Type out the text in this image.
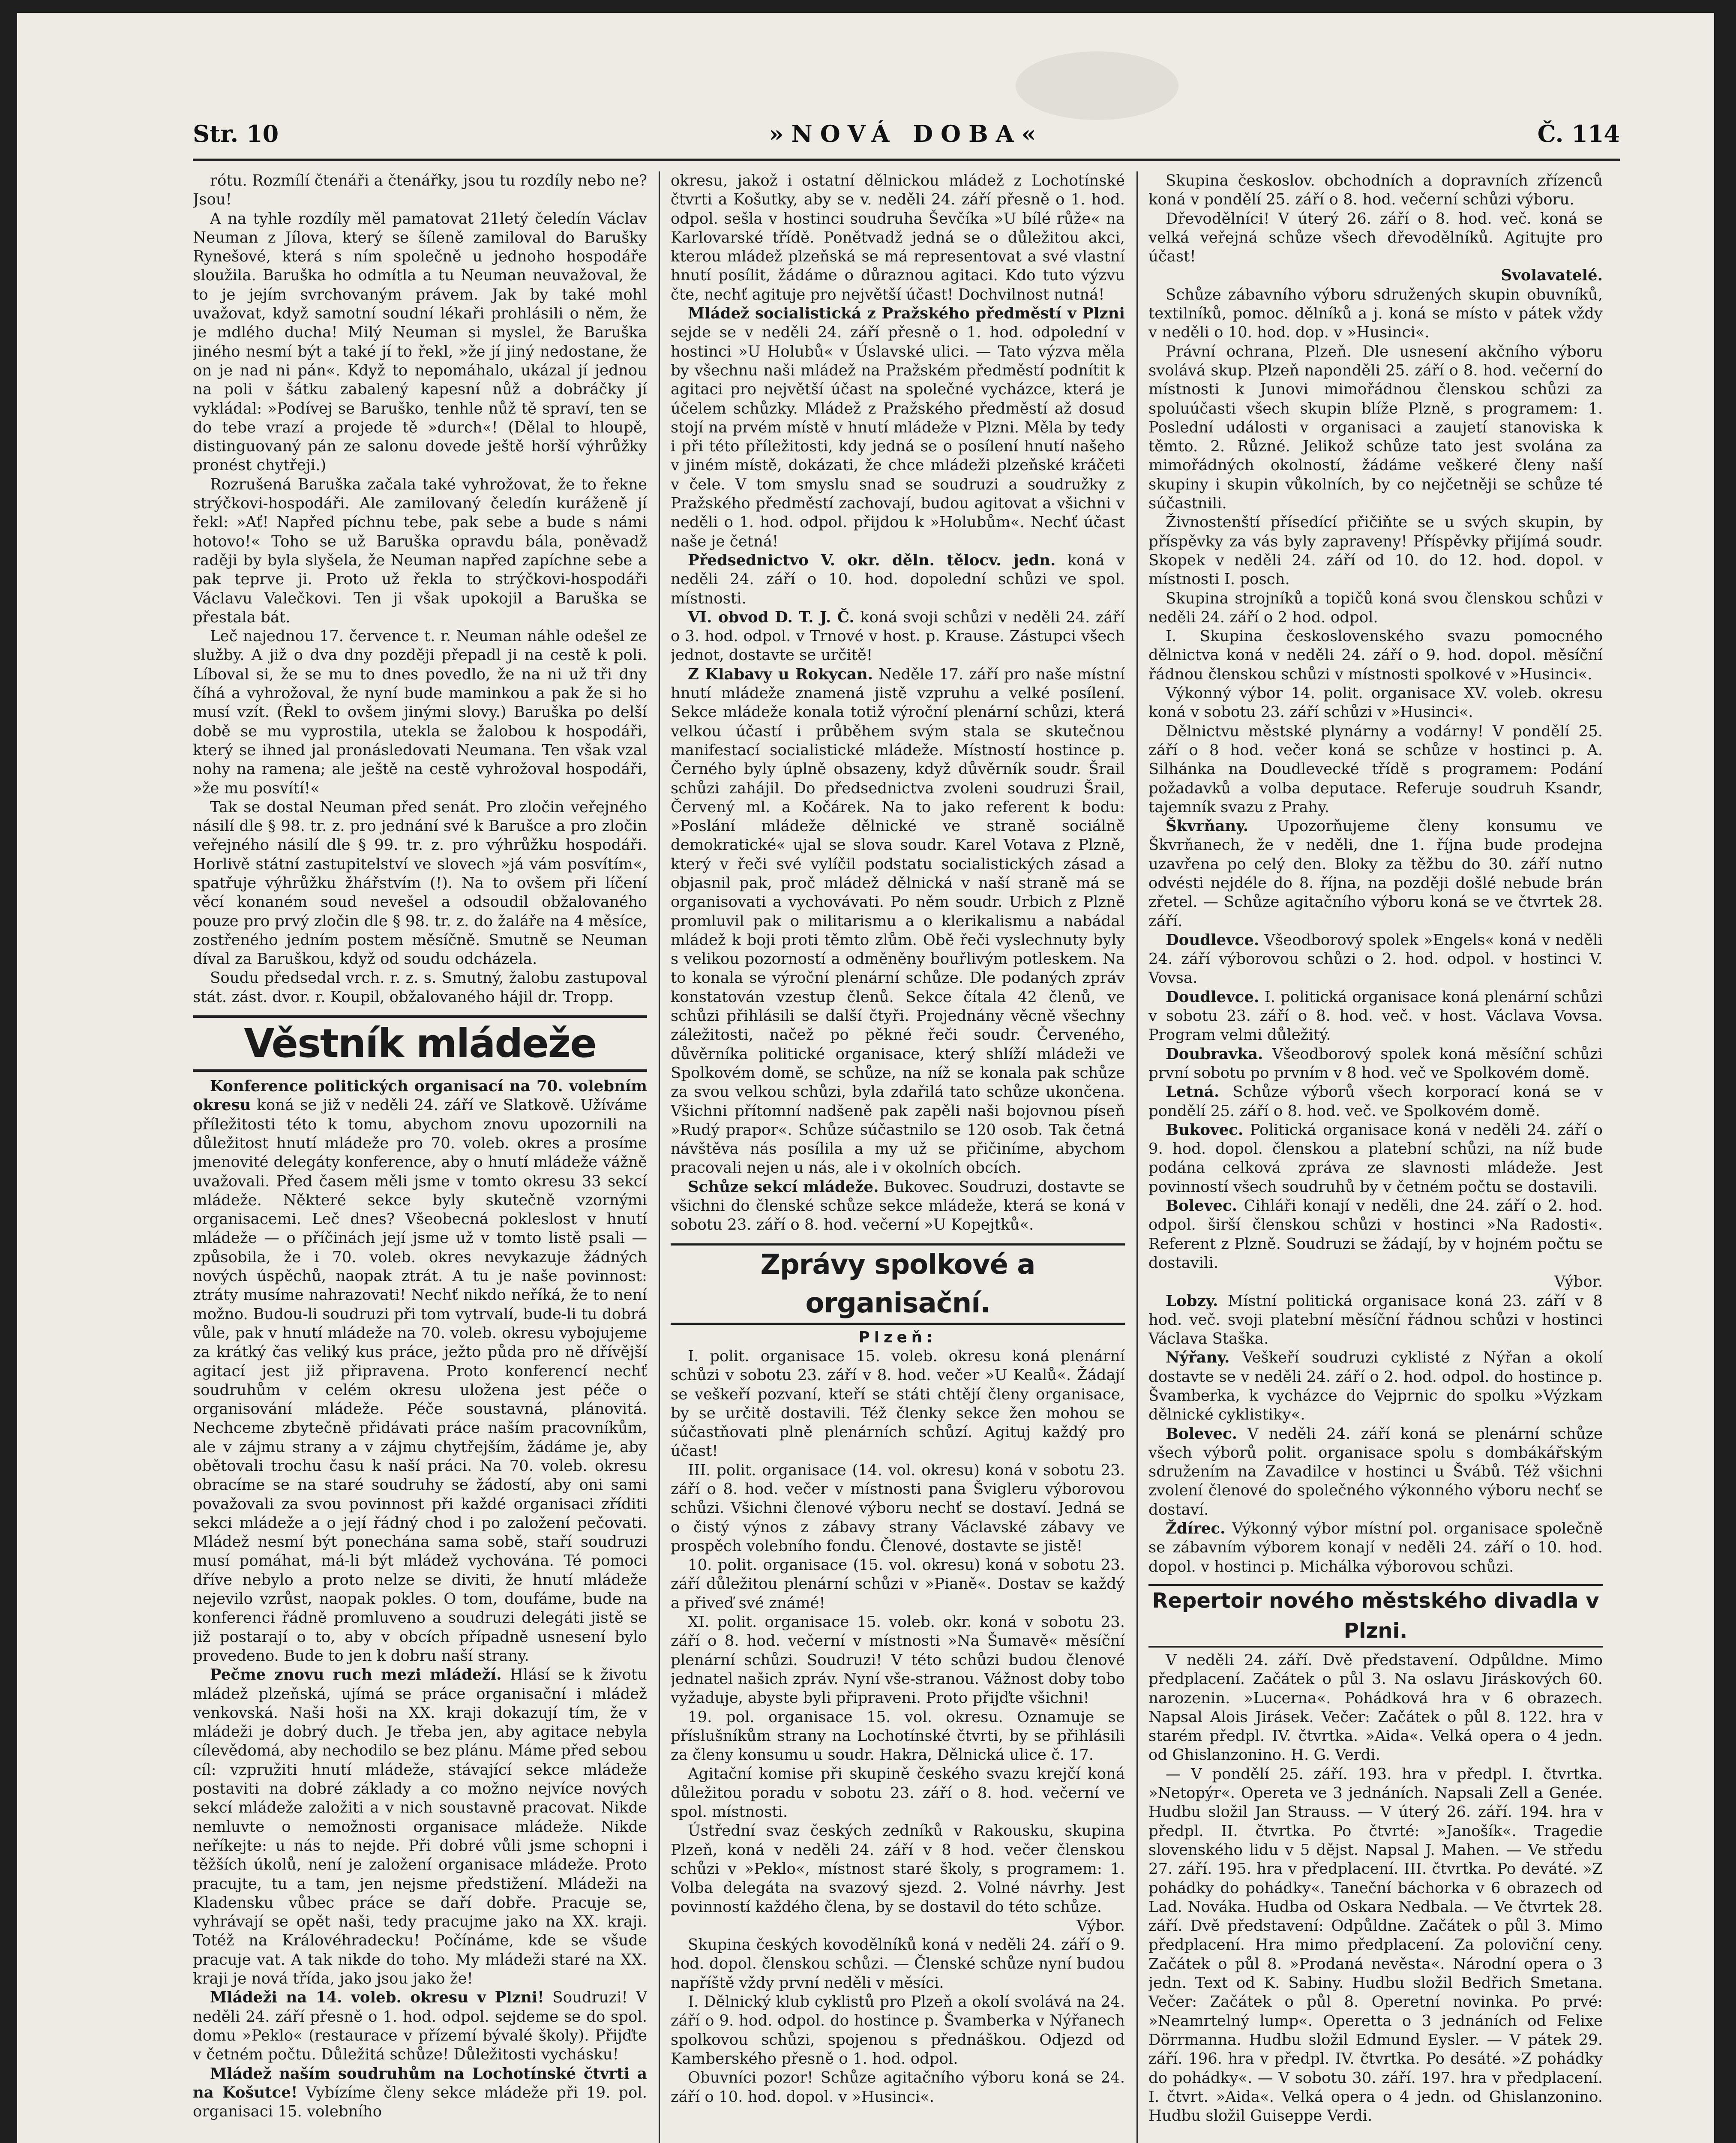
Str. 10	»NOVÁ DOBA«	Č. 114

rótu. Rozmílí čtenáři a čtenářky, jsou tu rozdíly nebo ne? Jsou!

A na tyhle rozdíly měl pamatovat 21letý čeledín Václav Neuman z Jílova, který se šíleně zamiloval do Barušky Rynešové, která s ním společně u jednoho hospodáře sloužila. Baruška ho odmítla a tu Neuman neuvažoval, že to je jejím svrchovaným právem. Jak by také mohl uvažovat, když samotní soudní lékaři prohlásili o něm, že je mdlého ducha! Milý Neuman si myslel, že Baruška jiného nesmí být a také jí to řekl, »že jí jiný nedostane, že on je nad ni pán«. Když to nepomáhalo, ukázal jí jednou na poli v šátku zabalený kapesní nůž a dobráčky jí vykládal: »Podívej se Baruško, tenhle nůž tě spraví, ten se do tebe vrazí a projede tě »durch«! (Dělal to hloupě, distinguovaný pán ze salonu dovede ještě horší výhrůžky pronést chytřeji.)

Rozrušená Baruška začala také vyhrožovat, že to řekne strýčkovi-hospodáři. Ale zamilovaný čeledín kuráženě jí řekl: »Ať! Napřed píchnu tebe, pak sebe a bude s námi hotovo!« Toho se už Baruška opravdu bála, poněvadž raději by byla slyšela, že Neuman napřed zapíchne sebe a pak teprve ji. Proto už řekla to strýčkovi-hospodáři Václavu Valečkovi. Ten ji však upokojil a Baruška se přestala bát.

Leč najednou 17. července t. r. Neuman náhle odešel ze služby. A již o dva dny později přepadl ji na cestě k poli. Líboval si, že se mu to dnes povedlo, že na ni už tři dny číhá a vyhrožoval, že nyní bude maminkou a pak že si ho musí vzít. (Řekl to ovšem jinými slovy.) Baruška po delší době se mu vyprostila, utekla se žalobou k hospodáři, který se ihned jal pronásledovati Neumana. Ten však vzal nohy na ramena; ale ještě na cestě vyhrožoval hospodáři, »že mu posvítí!«

Tak se dostal Neuman před senát. Pro zločin veřejného násilí dle § 98. tr. z. pro jednání své k Barušce a pro zločin veřejného násilí dle § 99. tr. z. pro výhrůžku hospodáři. Horlivě státní zastupitelství ve slovech »já vám posvítím«, spatřuje výhrůžku žhářstvím (!). Na to ovšem při líčení věcí konaném soud nevešel a odsoudil obžalovaného pouze pro prvý zločin dle § 98. tr. z. do žaláře na 4 měsíce, zostřeného jedním postem měsíčně. Smutně se Neuman díval za Baruškou, když od soudu odcházela.

Soudu předsedal vrch. r. z. s. Smutný, žalobu zastupoval stát. zást. dvor. r. Koupil, obžalovaného hájil dr. Tropp.

Věstník mládeže

Konference politických organisací na 70. volebním okresu koná se již v neděli 24. září ve Slatkově. Užíváme příležitosti této k tomu, abychom znovu upozornili na důležitost hnutí mládeže pro 70. voleb. okres a prosíme jmenovité delegáty konference, aby o hnutí mládeže vážně uvažovali. Před časem měli jsme v tomto okresu 33 sekcí mládeže. Některé sekce byly skutečně vzornými organisacemi. Leč dnes? Všeobecná pokleslost v hnutí mládeže — o příčinách její jsme už v tomto listě psali — způsobila, že i 70. voleb. okres nevykazuje žádných nových úspěchů, naopak ztrát. A tu je naše povinnost: ztráty musíme nahrazovati! Nechť nikdo neříká, že to není možno. Budou-li soudruzi při tom vytrvalí, bude-li tu dobrá vůle, pak v hnutí mládeže na 70. voleb. okresu vybojujeme za krátký čas veliký kus práce, ježto půda pro ně dřívější agitací jest již připravena. Proto konferencí nechť soudruhům v celém okresu uložena jest péče o organisování mládeže. Péče soustavná, plánovitá. Nechceme zbytečně přidávati práce naším pracovníkům, ale v zájmu strany a v zájmu chytřejším, žádáme je, aby obětovali trochu času k naší práci. Na 70. voleb. okresu obracíme se na staré soudruhy se žádostí, aby oni sami považovali za svou povinnost při každé organisaci zříditi sekci mládeže a o její řádný chod i po založení pečovati. Mládež nesmí být ponechána sama sobě, staří soudruzi musí pomáhat, má-li být mládež vychována. Té pomoci dříve nebylo a proto nelze se diviti, že hnutí mládeže nejevilo vzrůst, naopak pokles. O tom, doufáme, bude na konferenci řádně promluveno a soudruzi delegáti jistě se již postarají o to, aby v obcích případně usnesení bylo provedeno. Bude to jen k dobru naší strany.

Pečme znovu ruch mezi mládeží. Hlásí se k životu mládež plzeňská, ujímá se práce organisační i mládež venkovská. Naši hoši na XX. kraji dokazují tím, že v mládeži je dobrý duch. Je třeba jen, aby agitace nebyla cílevědomá, aby nechodilo se bez plánu. Máme před sebou cíl: vzpružiti hnutí mládeže, stávající sekce mládeže postaviti na dobré základy a co možno nejvíce nových sekcí mládeže založiti a v nich soustavně pracovat. Nikde nemluvte o nemožnosti organisace mládeže. Nikde neříkejte: u nás to nejde. Při dobré vůli jsme schopni i těžších úkolů, není je založení organisace mládeže. Proto pracujte, tu a tam, jen nejsme předstižení. Mládeži na Kladensku vůbec práce se daří dobře. Pracuje se, vyhrávají se opět naši, tedy pracujme jako na XX. kraji. Totéž na Královéhradecku! Počínáme, kde se všude pracuje vat. A tak nikde do toho. My mládeži staré na XX. kraji je nová třída, jako jsou jako že!

Mládeži na 14. voleb. okresu v Plzni! Soudruzi! V neděli 24. září přesně o 1. hod. odpol. sejdeme se do spol. domu »Peklo« (restaurace v přízemí bývalé školy). Přijďte v četném počtu. Důležitá schůze! Důležitosti vychásku!

Mládež naším soudruhům na Lochotínské čtvrti a na Košutce! Vybízíme členy sekce mládeže při 19. pol. organisaci 15. volebního

okresu, jakož i ostatní dělnickou mládež z Lochotínské čtvrti a Košutky, aby se v. neděli 24. září přesně o 1. hod. odpol. sešla v hostinci soudruha Ševčíka »U bílé růže« na Karlovarské třídě. Ponětvadž jedná se o důležitou akci, kterou mládež plzeňská se má representovat a své vlastní hnutí posílit, žádáme o důraznou agitaci. Kdo tuto výzvu čte, nechť agituje pro největší účast! Dochvilnost nutná!

Mládež socialistická z Pražského předměstí v Plzni sejde se v neděli 24. září přesně o 1. hod. odpolední v hostinci »U Holubů« v Úslavské ulici. — Tato výzva měla by všechnu naši mládež na Pražském předměstí podnítit k agitaci pro největší účast na společné vycházce, která je účelem schůzky. Mládež z Pražského předměstí až dosud stojí na prvém místě v hnutí mládeže v Plzni. Měla by tedy i při této příležitosti, kdy jedná se o posílení hnutí našeho v jiném místě, dokázati, že chce mládeži plzeňské kráčeti v čele. V tom smyslu snad se soudruzi a soudružky z Pražského předměstí zachovají, budou agitovat a všichni v neděli o 1. hod. odpol. přijdou k »Holubům«. Nechť účast naše je četná!

Předsednictvo V. okr. děln. tělocv. jedn. koná v neděli 24. září o 10. hod. dopolední schůzi ve spol. místnosti.

VI. obvod D. T. J. Č. koná svoji schůzi v neděli 24. září o 3. hod. odpol. v Trnové v host. p. Krause. Zástupci všech jednot, dostavte se určitě!

Z Klabavy u Rokycan. Neděle 17. září pro naše místní hnutí mládeže znamená jistě vzpruhu a velké posílení. Sekce mládeže konala totiž výroční plenární schůzi, která velkou účastí i průběhem svým stala se skutečnou manifestací socialistické mládeže. Místností hostince p. Černého byly úplně obsazeny, když důvěrník soudr. Šrail schůzi zahájil. Do předsednictva zvoleni soudruzi Šrail, Červený ml. a Kočárek. Na to jako referent k bodu: »Poslání mládeže dělnické ve straně sociálně demokratické« ujal se slova soudr. Karel Votava z Plzně, který v řeči své vylíčil podstatu socialistických zásad a objasnil pak, proč mládež dělnická v naší straně má se organisovati a vychovávati. Po něm soudr. Urbich z Plzně promluvil pak o militarismu a o klerikalismu a nabádal mládež k boji proti těmto zlům. Obě řeči vyslechnuty byly s velikou pozorností a odměněny bouřlivým potleskem. Na to konala se výroční plenární schůze. Dle podaných zpráv konstatován vzestup členů. Sekce čítala 42 členů, ve schůzi přihlásili se další čtyři. Projednány věcně všechny záležitosti, načež po pěkné řeči soudr. Červeného, důvěrníka politické organisace, který shlíží mládeži ve Spolkovém domě, se schůze, na níž se konala pak schůze za svou velkou schůzi, byla zdařilá tato schůze ukončena. Všichni přítomní nadšeně pak zapěli naši bojovnou píseň »Rudý prapor«. Schůze súčastnilo se 120 osob. Tak četná návštěva nás posílila a my už se přičiníme, abychom pracovali nejen u nás, ale i v okolních obcích.

Schůze sekcí mládeže. Bukovec. Soudruzi, dostavte se všichni do členské schůze sekce mládeže, která se koná v sobotu 23. září o 8. hod. večerní »U Kopejtků«.

Zprávy spolkové a organisační.
Plzeň:

I. polit. organisace 15. voleb. okresu koná plenární schůzi v sobotu 23. září v 8. hod. večer »U Kealů«. Žádají se veškeří pozvaní, kteří se státi chtějí členy organisace, by se určitě dostavili. Též členky sekce žen mohou se súčastňovati plně plenárních schůzí. Agituj každý pro účast!

III. polit. organisace (14. vol. okresu) koná v sobotu 23. září o 8. hod. večer v místnosti pana Švigleru výborovou schůzi. Všichni členové výboru nechť se dostaví. Jedná se o čistý výnos z zábavy strany Václavské zábavy ve prospěch volebního fondu. Členové, dostavte se jistě!

10. polit. organisace (15. vol. okresu) koná v sobotu 23. září důležitou plenární schůzi v »Pianě«. Dostav se každý a přiveď své známé!

XI. polit. organisace 15. voleb. okr. koná v sobotu 23. září o 8. hod. večerní v místnosti »Na Šumavě« měsíční plenární schůzi. Soudruzi! V této schůzi budou členové jednatel našich zpráv. Nyní vše-stranou. Vážnost doby tobo vyžaduje, abyste byli připraveni. Proto přijďte všichni!

19. pol. organisace 15. vol. okresu. Oznamuje se příslušníkům strany na Lochotínské čtvrti, by se přihlásili za členy konsumu u soudr. Hakra, Dělnická ulice č. 17.

Agitační komise při skupině českého svazu krejčí koná důležitou poradu v sobotu 23. září o 8. hod. večerní ve spol. místnosti.

Ústřední svaz českých zedníků v Rakousku, skupina Plzeň, koná v neděli 24. září v 8 hod. večer členskou schůzi v »Peklo«, místnost staré školy, s programem: 1. Volba delegáta na svazový sjezd. 2. Volné návrhy. Jest povinností každého člena, by se dostavil do této schůze.

Výbor.

Skupina českých kovodělníků koná v neděli 24. září o 9. hod. dopol. členskou schůzi. — Členské schůze nyní budou napříště vždy první neděli v měsíci.

I. Dělnický klub cyklistů pro Plzeň a okolí svolává na 24. září o 9. hod. odpol. do hostince p. Švamberka v Nýřanech spolkovou schůzi, spojenou s přednáškou. Odjezd od Kamberského přesně o 1. hod. odpol.

Obuvníci pozor! Schůze agitačního výboru koná se 24. září o 10. hod. dopol. v »Husinci«.

Skupina českoslov. obchodních a dopravních zřízenců koná v pondělí 25. září o 8. hod. večerní schůzi výboru.

Dřevodělníci! V úterý 26. září o 8. hod. več. koná se velká veřejná schůze všech dřevodělníků. Agitujte pro účast!

Svolavatelé.

Schůze zábavního výboru sdružených skupin obuvníků, textilníků, pomoc. dělníků a j. koná se místo v pátek vždy v neděli o 10. hod. dop. v »Husinci«.

Právní ochrana, Plzeň. Dle usnesení akčního výboru svolává skup. Plzeň naponděli 25. září o 8. hod. večerní do místnosti k Junovi mimořádnou členskou schůzi za spoluúčasti všech skupin blíže Plzně, s programem: 1. Poslední události v organisaci a zaujetí stanoviska k těmto. 2. Různé. Jelikož schůze tato jest svolána za mimořádných okolností, žádáme veškeré členy naší skupiny i skupin vůkolních, by co nejčetněji se schůze té súčastnili.

Živnostenští přísedící přičiňte se u svých skupin, by příspěvky za vás byly zapraveny! Příspěvky přijímá soudr. Skopek v neděli 24. září od 10. do 12. hod. dopol. v místnosti I. posch.

Skupina strojníků a topičů koná svou členskou schůzi v neděli 24. září o 2 hod. odpol.

I. Skupina československého svazu pomocného dělnictva koná v neděli 24. září o 9. hod. dopol. měsíční řádnou členskou schůzi v místnosti spolkové v »Husinci«.

Výkonný výbor 14. polit. organisace XV. voleb. okresu koná v sobotu 23. září schůzi v »Husinci«.

Dělnictvu městské plynárny a vodárny! V pondělí 25. září o 8 hod. večer koná se schůze v hostinci p. A. Silhánka na Doudlevecké třídě s programem: Podání požadavků a volba deputace. Referuje soudruh Ksandr, tajemník svazu z Prahy.

Škvrňany. Upozorňujeme členy konsumu ve Škvrňanech, že v neděli, dne 1. října bude prodejna uzavřena po celý den. Bloky za těžbu do 30. září nutno odvésti nejdéle do 8. října, na později došlé nebude brán zřetel. — Schůze agitačního výboru koná se ve čtvrtek 28. září.

Doudlevce. Všeodborový spolek »Engels« koná v neděli 24. září výborovou schůzi o 2. hod. odpol. v hostinci V. Vovsa.

Doudlevce. I. politická organisace koná plenární schůzi v sobotu 23. září o 8. hod. več. v host. Václava Vovsa. Program velmi důležitý.

Doubravka. Všeodborový spolek koná měsíční schůzi první sobotu po prvním v 8 hod. več ve Spolkovém domě.

Letná. Schůze výborů všech korporací koná se v pondělí 25. září o 8. hod. več. ve Spolkovém domě.

Bukovec. Politická organisace koná v neděli 24. září o 9. hod. dopol. členskou a platební schůzi, na níž bude podána celková zpráva ze slavnosti mládeže. Jest povinností všech soudruhů by v četném počtu se dostavili.

Bolevec. Cihláři konají v neděli, dne 24. září o 2. hod. odpol. širší členskou schůzi v hostinci »Na Radosti«. Referent z Plzně. Soudruzi se žádají, by v hojném počtu se dostavili.

Výbor.

Lobzy. Místní politická organisace koná 23. září v 8 hod. več. svoji platební měsíční řádnou schůzi v hostinci Václava Staška.

Nýřany. Veškeří soudruzi cyklisté z Nýřan a okolí dostavte se v neděli 24. září o 2. hod. odpol. do hostince p. Švamberka, k vycházce do Vejprnic do spolku »Výzkam dělnické cyklistiky«.

Bolevec. V neděli 24. září koná se plenární schůze všech výborů polit. organisace spolu s dombákářským sdružením na Zavadilce v hostinci u Švábů. Též všichni zvolení členové do společného výkonného výboru nechť se dostaví.

Ždírec. Výkonný výbor místní pol. organisace společně se zábavním výborem konají v neděli 24. září o 10. hod. dopol. v hostinci p. Michálka výborovou schůzi.

Repertoir nového městského divadla v Plzni.

V neděli 24. září. Dvě představení. Odpůldne. Mimo předplacení. Začátek o půl 3. Na oslavu Jiráskových 60. narozenin. »Lucerna«. Pohádková hra v 6 obrazech. Napsal Alois Jirásek. Večer: Začátek o půl 8. 122. hra v starém předpl. IV. čtvrtka. »Aida«. Velká opera o 4 jedn. od Ghislanzonino. H. G. Verdi.

— V pondělí 25. září. 193. hra v předpl. I. čtvrtka. »Netopýr«. Opereta ve 3 jednáních. Napsali Zell a Genée. Hudbu složil Jan Strauss. — V úterý 26. září. 194. hra v předpl. II. čtvrtka. Po čtvrté: »Janošík«. Tragedie slovenského lidu v 5 dějst. Napsal J. Mahen. — Ve středu 27. září. 195. hra v předplacení. III. čtvrtka. Po deváté. »Z pohádky do pohádky«. Taneční báchorka v 6 obrazech od Lad. Nováka. Hudba od Oskara Nedbala. — Ve čtvrtek 28. září. Dvě představení: Odpůldne. Začátek o půl 3. Mimo předplacení. Hra mimo předplacení. Za poloviční ceny. Začátek o půl 8. »Prodaná nevěsta«. Národní opera o 3 jedn. Text od K. Sabiny. Hudbu složil Bedřich Smetana. Večer: Začátek o půl 8. Operetní novinka. Po prvé: »Neamrtelný lump«. Operetta o 3 jednáních od Felixe Dörrmanna. Hudbu složil Edmund Eysler. — V pátek 29. září. 196. hra v předpl. IV. čtvrtka. Po desáté. »Z pohádky do pohádky«. — V sobotu 30. září. 197. hra v předplacení. I. čtvrt. »Aida«. Velká opera o 4 jedn. od Ghislanzonino. Hudbu složil Guiseppe Verdi.
